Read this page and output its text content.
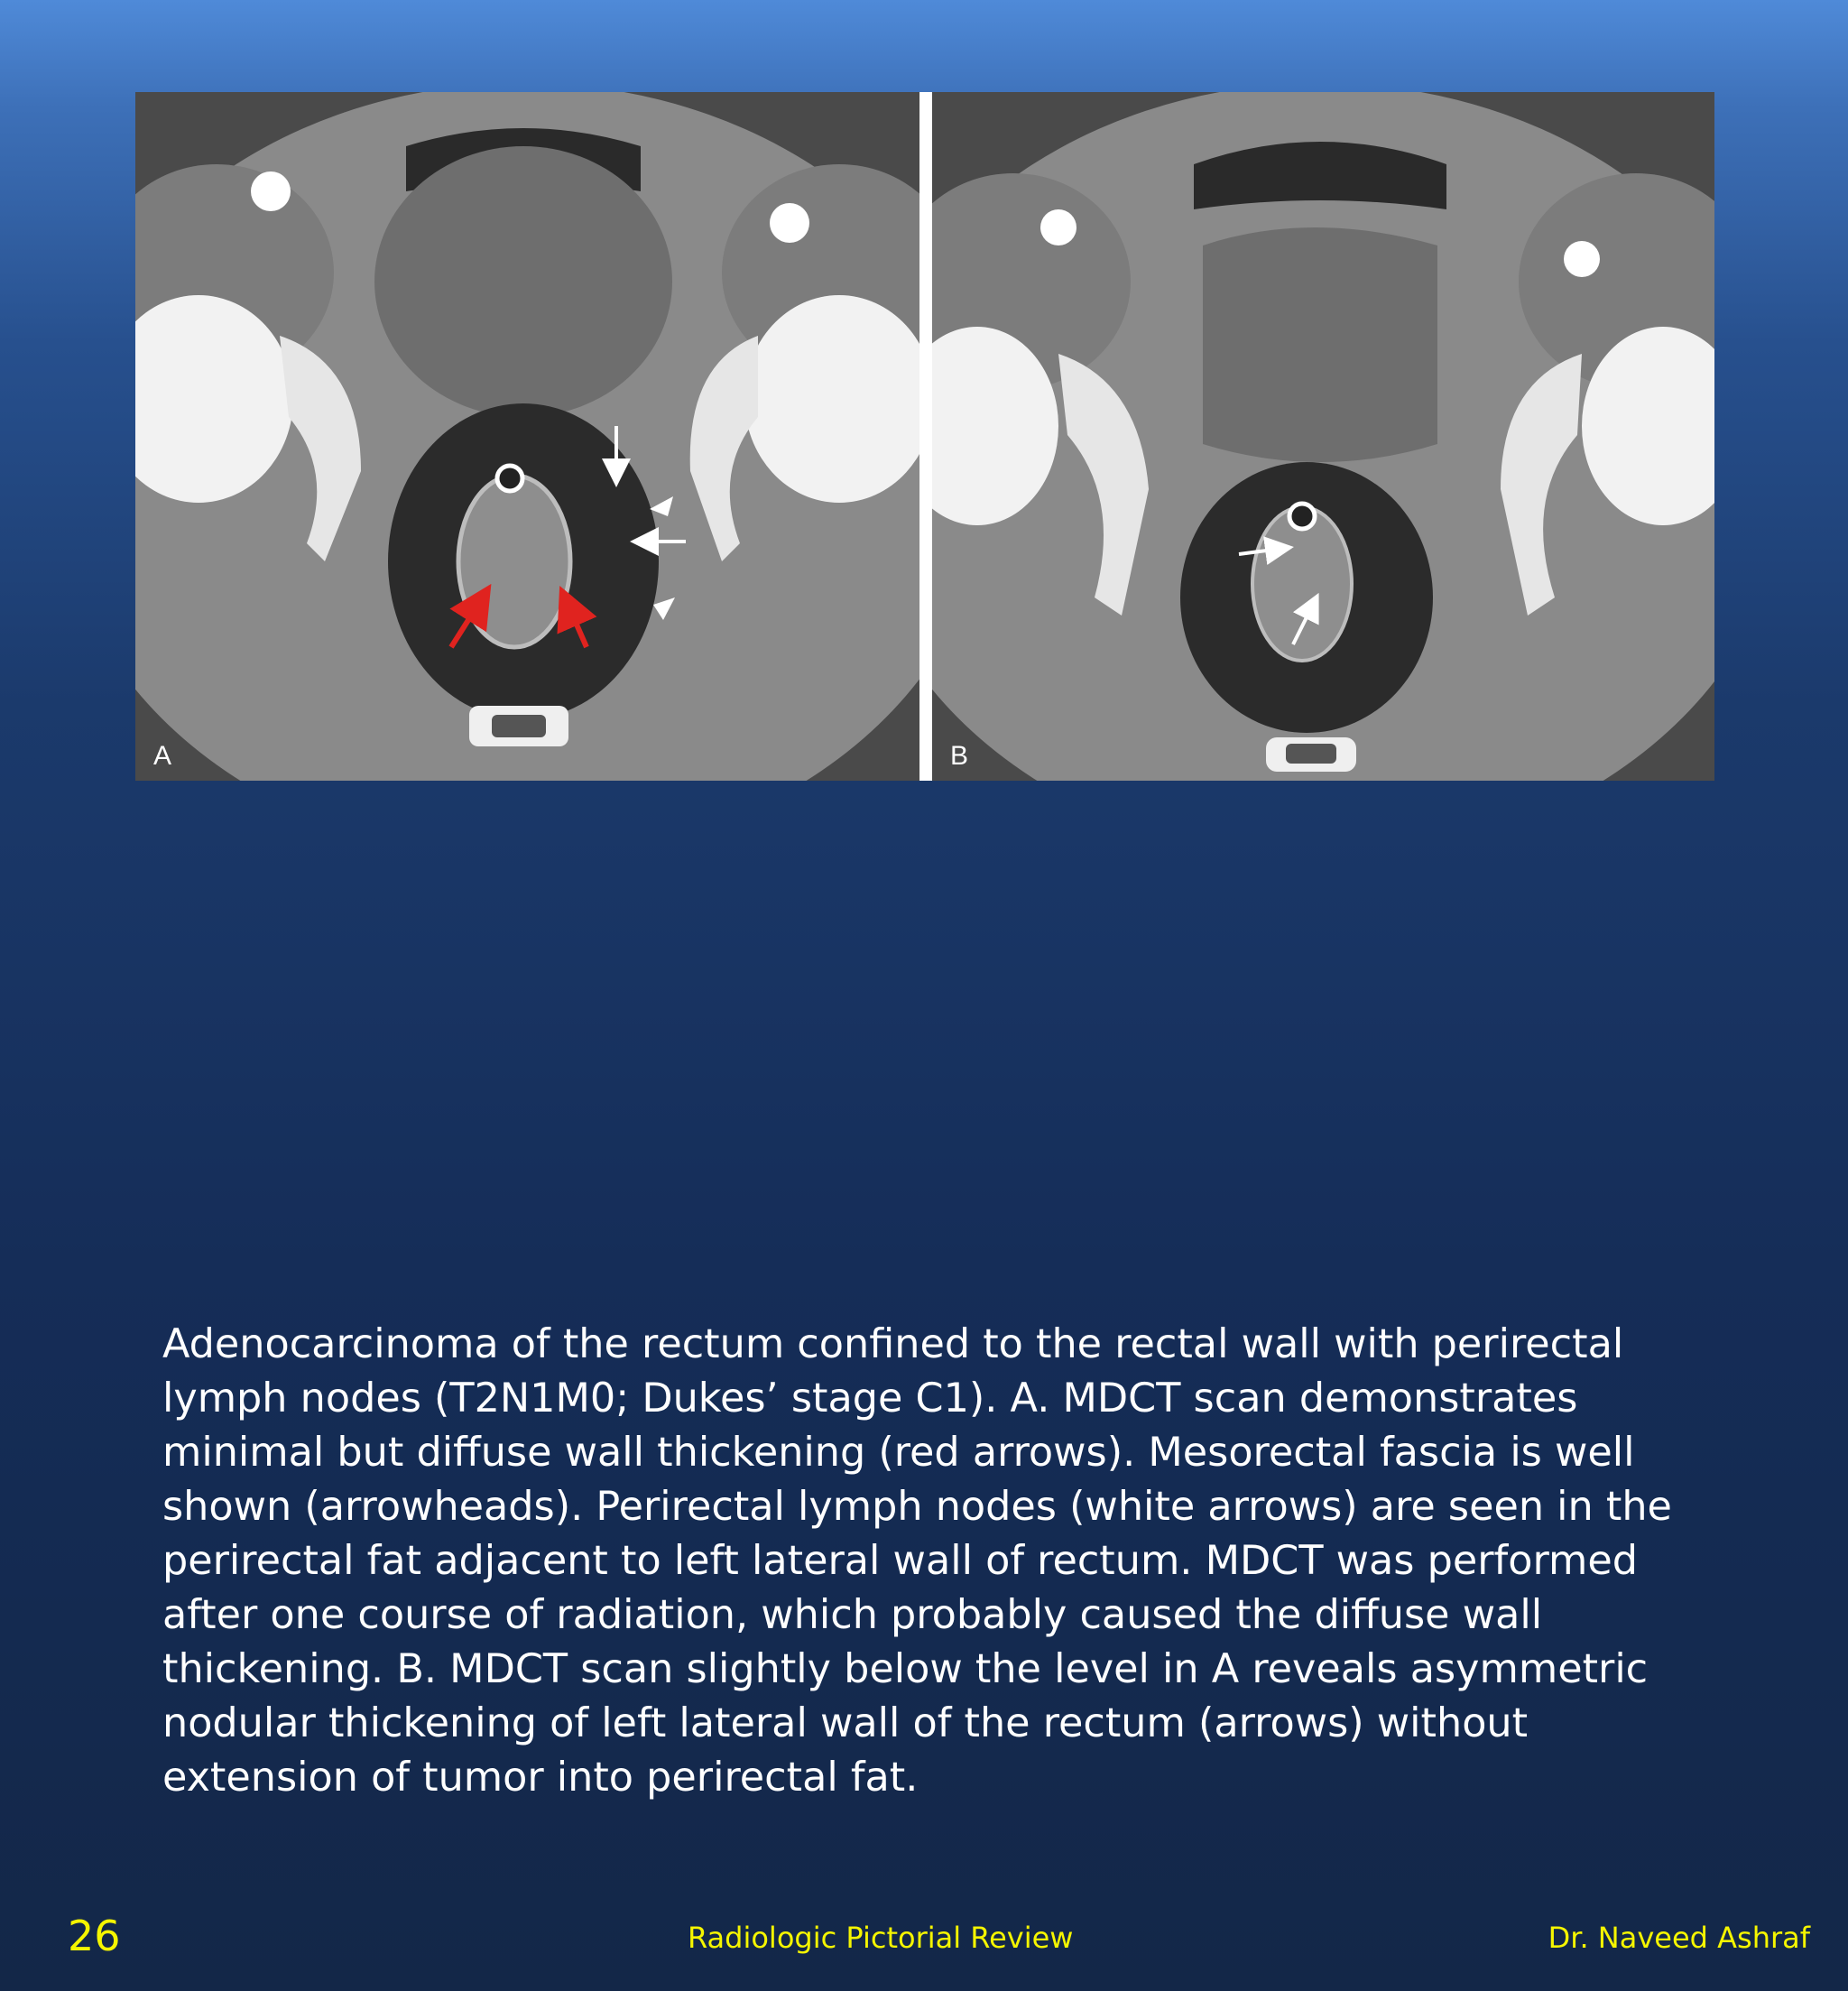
A	B

Adenocarcinoma of the rectum confined to the rectal wall with perirectal lymph nodes (T2N1M0; Dukes’ stage C1). A. MDCT scan demonstrates minimal but diffuse wall thickening (red arrows). Mesorectal fascia is well shown (arrowheads). Perirectal lymph nodes (white arrows) are seen in the perirectal fat adjacent to left lateral wall of rectum. MDCT was performed after one course of radiation, which probably caused the diffuse wall thickening. B. MDCT scan slightly below the level in A reveals asymmetric nodular thickening of left lateral wall of the rectum (arrows) without extension of tumor into perirectal fat.

26	Radiologic Pictorial Review	Dr. Naveed Ashraf
